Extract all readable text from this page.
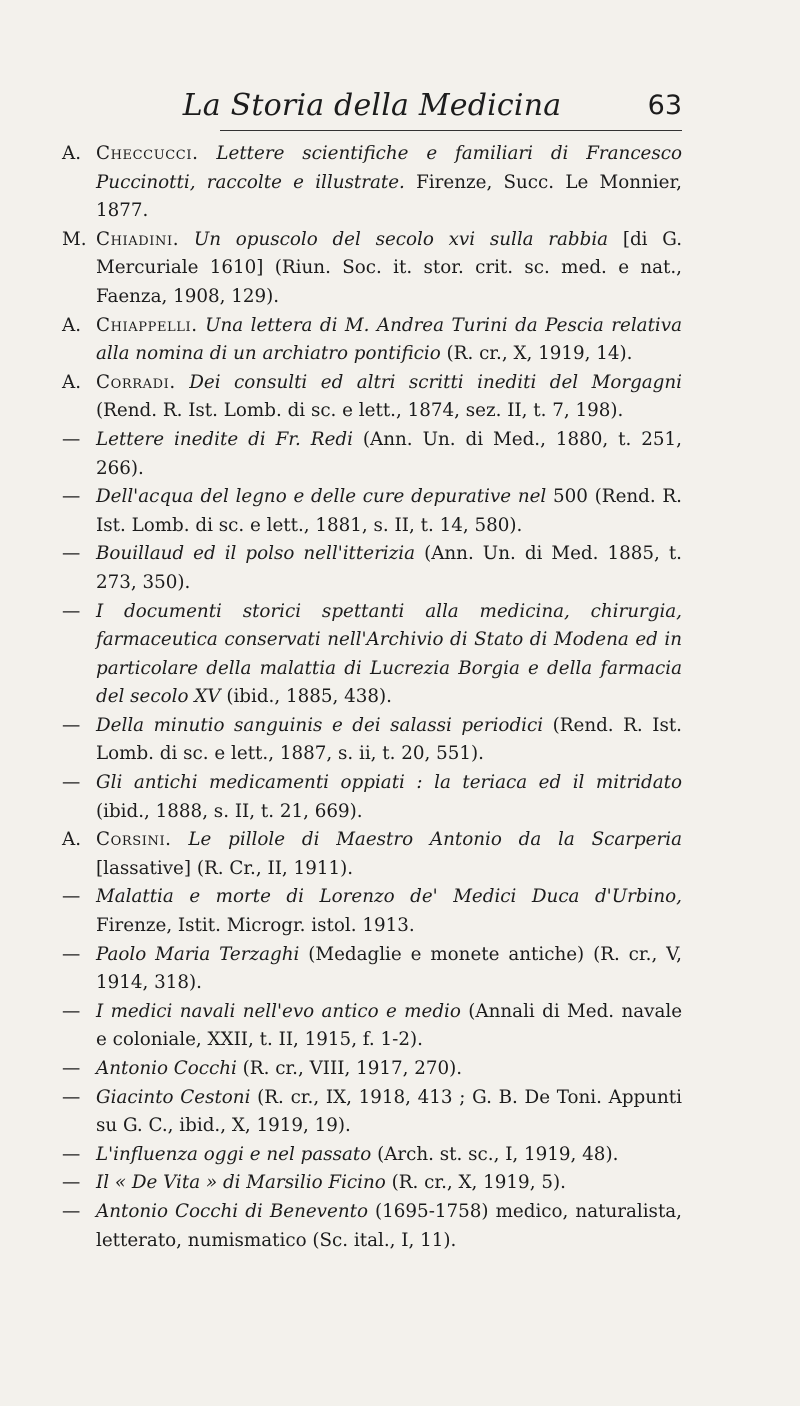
La Storia della Medicina	63

A. Checcucci. Lettere scientifiche e familiari di Francesco Puccinotti, raccolte e illustrate. Firenze, Succ. Le Monnier, 1877.

M. Chiadini. Un opuscolo del secolo xvi sulla rabbia [di G. Mercuriale 1610] (Riun. Soc. it. stor. crit. sc. med. e nat., Faenza, 1908, 129).

A. Chiappelli. Una lettera di M. Andrea Turini da Pescia relativa alla nomina di un archiatro pontificio (R. cr., X, 1919, 14).

A. Corradi. Dei consulti ed altri scritti inediti del Morgagni (Rend. R. Ist. Lomb. di sc. e lett., 1874, sez. II, t. 7, 198).

— Lettere inedite di Fr. Redi (Ann. Un. di Med., 1880, t. 251, 266).

— Dell'acqua del legno e delle cure depurative nel 500 (Rend. R. Ist. Lomb. di sc. e lett., 1881, s. II, t. 14, 580).

— Bouillaud ed il polso nell'itterizia (Ann. Un. di Med. 1885, t. 273, 350).

— I documenti storici spettanti alla medicina, chirurgia, farmaceutica conservati nell'Archivio di Stato di Modena ed in particolare della malattia di Lucrezia Borgia e della farmacia del secolo XV (ibid., 1885, 438).

— Della minutio sanguinis e dei salassi periodici (Rend. R. Ist. Lomb. di sc. e lett., 1887, s. ii, t. 20, 551).

— Gli antichi medicamenti oppiati : la teriaca ed il mitridato (ibid., 1888, s. II, t. 21, 669).

A. Corsini. Le pillole di Maestro Antonio da la Scarperia [lassative] (R. Cr., II, 1911).

— Malattia e morte di Lorenzo de' Medici Duca d'Urbino, Firenze, Istit. Microgr. istol. 1913.

— Paolo Maria Terzaghi (Medaglie e monete antiche) (R. cr., V, 1914, 318).

— I medici navali nell'evo antico e medio (Annali di Med. navale e coloniale, XXII, t. II, 1915, f. 1-2).

— Antonio Cocchi (R. cr., VIII, 1917, 270).

— Giacinto Cestoni (R. cr., IX, 1918, 413 ; G. B. De Toni. Appunti su G. C., ibid., X, 1919, 19).

— L'influenza oggi e nel passato (Arch. st. sc., I, 1919, 48).

— Il « De Vita » di Marsilio Ficino (R. cr., X, 1919, 5).

— Antonio Cocchi di Benevento (1695-1758) medico, naturalista, letterato, numismatico (Sc. ital., I, 11).
